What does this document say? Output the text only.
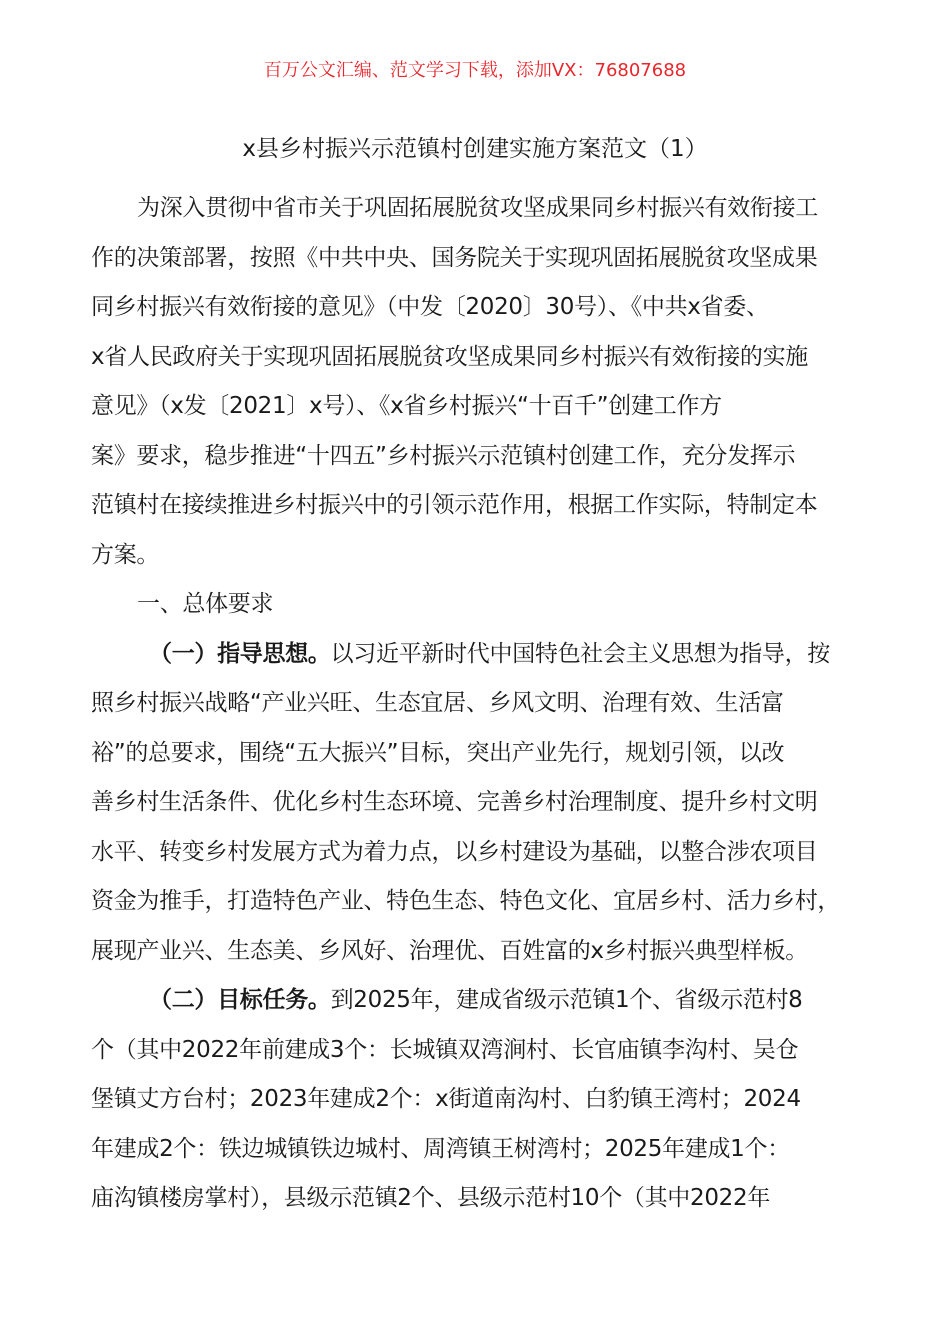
百万公文汇编、范文学习下载，添加VX：76807688
x县乡村振兴示范镇村创建实施方案范文（1）
为深入贯彻中省市关于巩固拓展脱贫攻坚成果同乡村振兴有效衔接工
作的决策部署，按照《中共中央、国务院关于实现巩固拓展脱贫攻坚成果
同乡村振兴有效衔接的意见》（中发〔2020〕30号）、《中共x省委、
x省人民政府关于实现巩固拓展脱贫攻坚成果同乡村振兴有效衔接的实施
意见》（x发〔2021〕x号）、《x省乡村振兴“十百千”创建工作方
案》要求，稳步推进“十四五”乡村振兴示范镇村创建工作，充分发挥示
范镇村在接续推进乡村振兴中的引领示范作用，根据工作实际，特制定本
方案。
一、总体要求
（一）指导思想。以习近平新时代中国特色社会主义思想为指导，按
照乡村振兴战略“产业兴旺、生态宜居、乡风文明、治理有效、生活富
裕”的总要求，围绕“五大振兴”目标，突出产业先行，规划引领，以改
善乡村生活条件、优化乡村生态环境、完善乡村治理制度、提升乡村文明
水平、转变乡村发展方式为着力点，以乡村建设为基础，以整合涉农项目
资金为推手，打造特色产业、特色生态、特色文化、宜居乡村、活力乡村，
展现产业兴、生态美、乡风好、治理优、百姓富的x乡村振兴典型样板。
（二）目标任务。到2025年，建成省级示范镇1个、省级示范村8
个（其中2022年前建成3个：长城镇双湾涧村、长官庙镇李沟村、吴仓
堡镇丈方台村；2023年建成2个：x街道南沟村、白豹镇王湾村；2024
年建成2个：铁边城镇铁边城村、周湾镇王树湾村；2025年建成1个：
庙沟镇楼房掌村），县级示范镇2个、县级示范村10个（其中2022年
